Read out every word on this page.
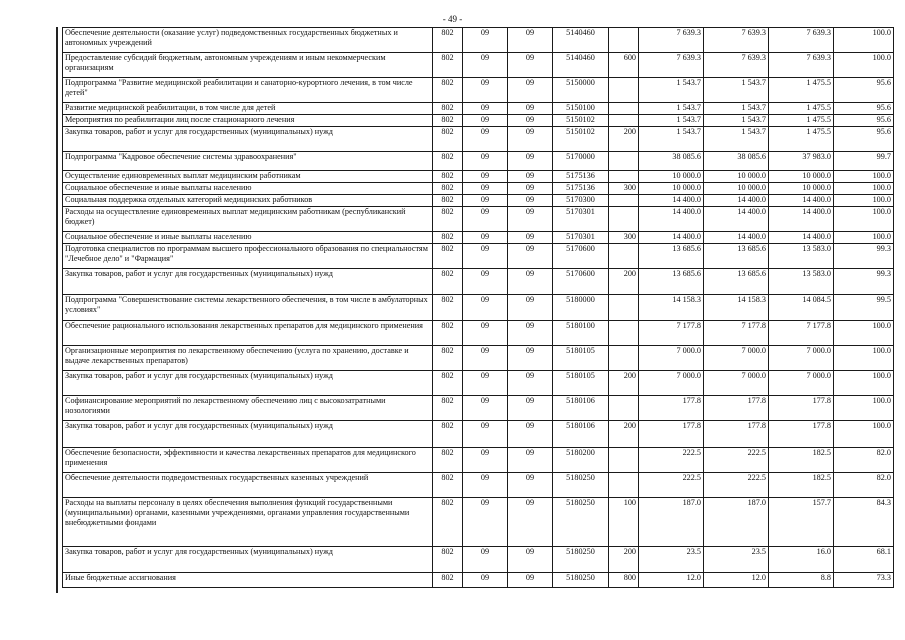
- 49 -
Обеспечение деятельности (оказание услуг) подведомственных государственных бюджетных и автономных учреждений	802	09	09	5140460		7 639.3	7 639.3	7 639.3	100.0
Предоставление субсидий бюджетным, автономным учреждениям и иным некоммерческим организациям	802	09	09	5140460	600	7 639.3	7 639.3	7 639.3	100.0
Подпрограмма "Развитие медицинской реабилитации и санаторно-курортного лечения, в том числе детей"	802	09	09	5150000		1 543.7	1 543.7	1 475.5	95.6
Развитие медицинской реабилитации, в том числе для детей	802	09	09	5150100		1 543.7	1 543.7	1 475.5	95.6
Мероприятия по реабилитации лиц после стационарного лечения	802	09	09	5150102		1 543.7	1 543.7	1 475.5	95.6
Закупка товаров, работ и услуг для государственных (муниципальных) нужд	802	09	09	5150102	200	1 543.7	1 543.7	1 475.5	95.6
Подпрограмма "Кадровое обеспечение системы здравоохранения"	802	09	09	5170000		38 085.6	38 085.6	37 983.0	99.7
Осуществление единовременных выплат медицинским работникам	802	09	09	5175136		10 000.0	10 000.0	10 000.0	100.0
Социальное обеспечение и иные выплаты населению	802	09	09	5175136	300	10 000.0	10 000.0	10 000.0	100.0
Социальная поддержка отдельных категорий медицинских работников	802	09	09	5170300		14 400.0	14 400.0	14 400.0	100.0
Расходы на осуществление единовременных выплат медицинским работникам (республиканский бюджет)	802	09	09	5170301		14 400.0	14 400.0	14 400.0	100.0
Социальное обеспечение и иные выплаты населению	802	09	09	5170301	300	14 400.0	14 400.0	14 400.0	100.0
Подготовка специалистов по программам высшего профессионального образования по специальностям "Лечебное дело" и "Фармация"	802	09	09	5170600		13 685.6	13 685.6	13 583.0	99.3
Закупка товаров, работ и услуг для государственных (муниципальных) нужд	802	09	09	5170600	200	13 685.6	13 685.6	13 583.0	99.3
Подпрограмма "Совершенствование системы лекарственного обеспечения, в том числе в амбулаторных условиях"	802	09	09	5180000		14 158.3	14 158.3	14 084.5	99.5
Обеспечение рационального использования лекарственных препаратов для медицинского применения	802	09	09	5180100		7 177.8	7 177.8	7 177.8	100.0
Организационные мероприятия по лекарственному обеспечению (услуга по хранению, доставке и выдаче лекарственных препаратов)	802	09	09	5180105		7 000.0	7 000.0	7 000.0	100.0
Закупка товаров, работ и услуг для государственных (муниципальных) нужд	802	09	09	5180105	200	7 000.0	7 000.0	7 000.0	100.0
Софинансирование мероприятий по лекарственному обеспечению лиц с высокозатратными нозологиями	802	09	09	5180106		177.8	177.8	177.8	100.0
Закупка товаров, работ и услуг для государственных (муниципальных) нужд	802	09	09	5180106	200	177.8	177.8	177.8	100.0
Обеспечение безопасности, эффективности и качества лекарственных препаратов для медицинского применения	802	09	09	5180200		222.5	222.5	182.5	82.0
Обеспечение деятельности подведомственных государственных казенных учреждений	802	09	09	5180250		222.5	222.5	182.5	82.0
Расходы на выплаты персоналу в целях обеспечения выполнения функций государственными (муниципальными) органами, казенными учреждениями, органами управления государственными внебюджетными фондами	802	09	09	5180250	100	187.0	187.0	157.7	84.3
Закупка товаров, работ и услуг для государственных (муниципальных) нужд	802	09	09	5180250	200	23.5	23.5	16.0	68.1
Иные бюджетные ассигнования	802	09	09	5180250	800	12.0	12.0	8.8	73.3
